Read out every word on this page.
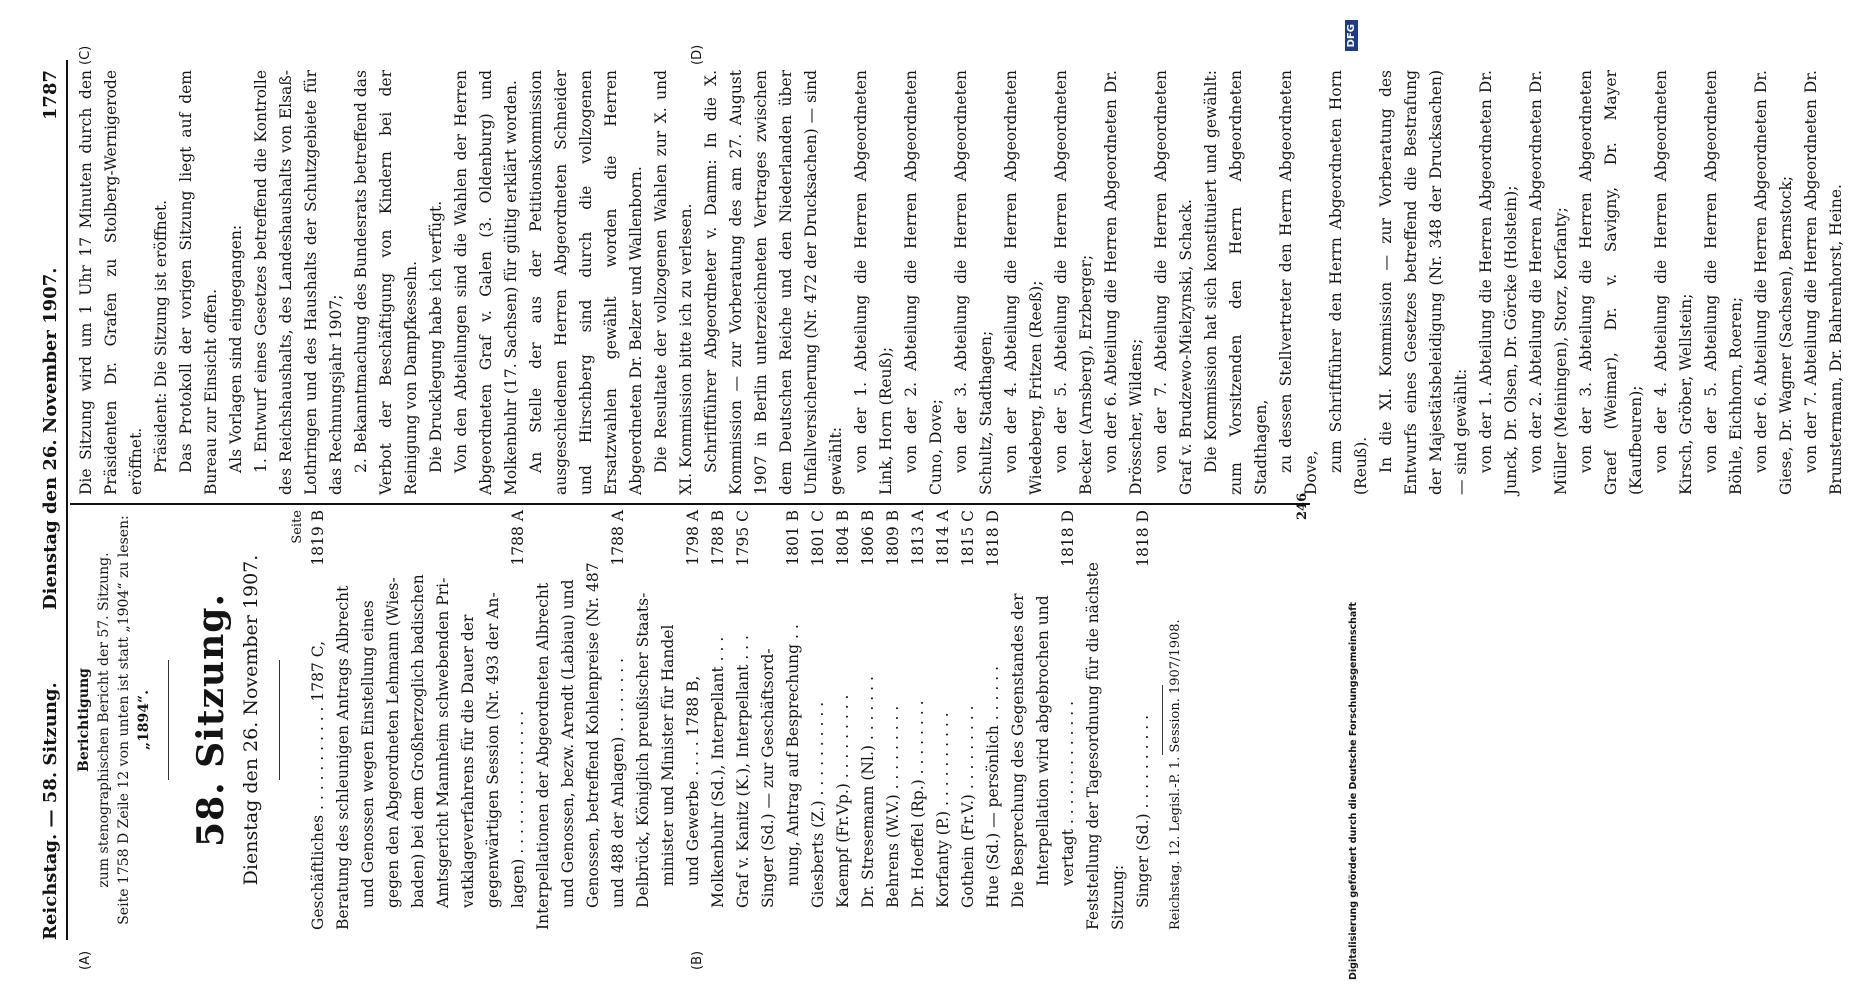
Reichstag. — 58. Sitzung.
Dienstag den 26. November 1907.
1787
(A)	(B)
(C)	(D)
Berichtigung zum stenographischen Bericht der 57. Sitzung. Seite 1758 D Zeile 12 von unten ist statt „1904“ zu lesen: „1894“. 58. Sitzung. Dienstag den 26. November 1907.
Seite
Geschäftliches . . . . . . . . . . . 1787 C,
1819 B
Beratung des schleunigen Antrags Albrecht und Genossen wegen Einstellung eines gegen den Abgeordneten Lehmann (Wies- baden) bei dem Großherzoglich badischen Amtsgericht Mannheim schwebenden Pri- vatklageverfahrens für die Dauer der gegenwärtigen Session (Nr. 493 der An- lagen) . . . . . . . . . . . . . . .
1788 A
Interpellationen der Abgeordneten Albrecht und Genossen, bezw. Arendt (Labiau) und Genossen, betreffend Kohlenpreise (Nr. 487 und 488 der Anlagen) . . . . . . . .
1788 A
Delbrück, Königlich preußischer Staats- minister und Minister für Handel und Gewerbe . . . . 1788 B,
1798 A
Molkenbuhr (Sd.), Interpellant . . .
1788 B
Graf v. Kanitz (K.), Interpellant . . .
1795 C
Singer (Sd.) — zur Geschäftsord- nung, Antrag auf Besprechung . .
1801 B
Giesberts (Z.) . . . . . . . . . .
1801 C
Kaempf (Fr.Vp.) . . . . . . . . .
1804 B
Dr. Stresemann (Nl.) . . . . . . .
1806 B
Behrens (W.V.) . . . . . . . . .
1809 B
Dr. Hoeffel (Rp.) . . . . . . . .
1813 A
Korfanty (P.) . . . . . . . . . .
1814 A
Gothein (Fr.V.) . . . . . . . . .
1815 C
Hue (Sd.) — persönlich . . . . . .
1818 D
Die Besprechung des Gegenstandes der Interpellation wird abgebrochen und vertagt . . . . . . . . . . . . .
1818 D
Feststellung der Tagesordnung für die nächste Sitzung: Singer (Sd.) . . . . . . . . . .
1818 D
Reichstag. 12. Legisl.-P. 1. Session. 1907/1908.

Die Sitzung wird um 1 Uhr 17 Minuten durch den Präsidenten Dr. Grafen zu Stolberg-Wernigerode eröffnet. Präsident: Die Sitzung ist eröffnet. Das Protokoll der vorigen Sitzung liegt auf dem Bureau zur Einsicht offen. Als Vorlagen sind eingegangen: 1. Entwurf eines Gesetzes betreffend die Kontrolle des Reichshaushalts, des Landeshaushalts von Elsaß-Lothringen und des Haushalts der Schutzgebiete für das Rechnungsjahr 1907; 2. Bekanntmachung des Bundesrats betreffend das Verbot der Beschäftigung von Kindern bei der Reinigung von Dampfkesseln. Die Drucklegung habe ich verfügt. Von den Abteilungen sind die Wahlen der Herren Abgeordneten Graf v. Galen (3. Oldenburg) und Molkenbuhr (17. Sachsen) für gültig erklärt worden. An Stelle der aus der Petitionskommission ausgeschiedenen Herren Abgeordneten Schneider und Hirschberg sind durch die vollzogenen Ersatzwahlen gewählt worden die Herren Abgeordneten Dr. Belzer und Wallenborn. Die Resultate der vollzogenen Wahlen zur X. und XI. Kommission bitte ich zu verlesen. Schriftführer Abgeordneter v. Damm: In die X. Kommission — zur Vorberatung des am 27. August 1907 in Berlin unterzeichneten Vertrages zwischen dem Deutschen Reiche und den Niederlanden über Unfallversicherung (Nr. 472 der Drucksachen) — sind gewählt: von der 1. Abteilung die Herren Abgeordneten Link, Horn (Reuß); von der 2. Abteilung die Herren Abgeordneten Cuno, Dove; von der 3. Abteilung die Herren Abgeordneten Schultz, Stadthagen; von der 4. Abteilung die Herren Abgeordneten Wiedeberg, Fritzen (Reeß); von der 5. Abteilung die Herren Abgeordneten Becker (Arnsberg), Erzberger; von der 6. Abteilung die Herren Abgeordneten Dr. Drösscher, Wildens; von der 7. Abteilung die Herren Abgeordneten Graf v. Brudzewo-Mielzynski, Schack. Die Kommission hat sich konstituiert und gewählt: zum Vorsitzenden den Herrn Abgeordneten Stadthagen, zu dessen Stellvertreter den Herrn Abgeordneten Dove, zum Schriftführer den Herrn Abgeordneten Horn (Reuß). In die XI. Kommission — zur Vorberatung des Entwurfs eines Gesetzes betreffend die Bestrafung der Majestätsbeleidigung (Nr. 348 der Drucksachen) — sind gewählt: von der 1. Abteilung die Herren Abgeordneten Dr. Junck, Dr. Olsen, Dr. Görcke (Holstein); von der 2. Abteilung die Herren Abgeordneten Dr. Müller (Meiningen), Storz, Korfanty; von der 3. Abteilung die Herren Abgeordneten Graef (Weimar), Dr. v. Savigny, Dr. Mayer (Kaufbeuren); von der 4. Abteilung die Herren Abgeordneten Kirsch, Gröber, Wellstein; von der 5. Abteilung die Herren Abgeordneten Böhle, Eichhorn, Roeren; von der 6. Abteilung die Herren Abgeordneten Dr. Giese, Dr. Wagner (Sachsen), Bernstock; von der 7. Abteilung die Herren Abgeordneten Dr. Brunstermann, Dr. Bahrenhorst, Heine.

246
Digitalisierung gefördert durch die Deutsche Forschungsgemeinschaft
DFG
